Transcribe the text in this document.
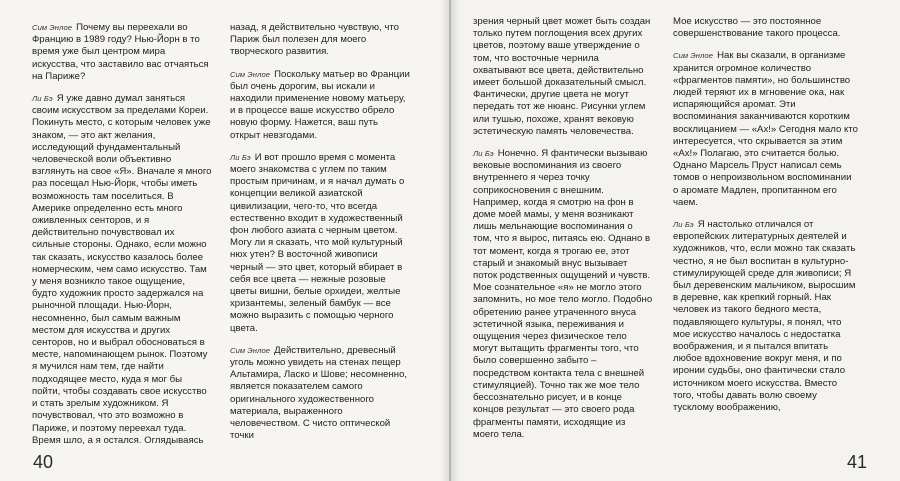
Сим Энлое Почему вы переехали во Францию в 1989 году? Нью-Йорн в то время уже был центром мира искусства, что заставило вас отчаяться на Париже?

Ли Бэ Я уже давно думал заняться своим искусством за пределами Кореи. Покинуть место, с которым человек уже знаком, — это акт желания, исследующий фундаментальный человеческой воли объективно взглянуть на свое «Я». Вначале я много раз посещал Нью-Йорк, чтобы иметь возможность там поселиться. В Америке определенно есть много оживленных сенторов, и я действительно почувствовал их сильные стороны. Однако, если можно так сказать, искусство казалось более номерческим, чем само искусство. Там у меня возникло такое ощущение, будто художник просто задержался на рыночной площади. Нью-Йорн, несомненно, был самым важным местом для искусства и других сенторов, но и выбрал обосноваться в месте, напоминающем рынок. Поэтому я мучился нам тем, где найти подходящее место, куда я мог бы пойти, чтобы создавать свое искусство и стать зрелым художником. Я почувствовал, что это возможно в Париже, и поэтому переехал туда. Время шло, а я остался. Оглядываясь

назад, я действительно чувствую, что Париж был полезен для моего творческого развития.

Сим Энлое Поскольку матьер во Франции был очень дорогим, вы искали и находили применение новому матьеру, и в процессе ваше искусство обрело новую форму. Нажется, ваш путь открыт невзгодами.

Ли Бэ И вот прошло время с момента моего знакомства с углем по таким простым причинам, и я начал думать о концепции великой азиатской цивилизации, чего-то, что всегда естественно входит в художественный фон любого азиата с черным цветом. Могу ли я сказать, что мой культурный нюх утен? В восточной живописи черный — это цвет, который вбирает в себя все цвета — нежные розовые цветы вишни, белые орхидеи, желтые хризантемы, зеленый бамбук — все можно выразить с помощью черного цвета.

Сим Энлое Действительно, древесный уголь можно увидеть на стенах пещер Альтамира, Ласко и Шове; несомненно, является показателем самого оригинального художественного материала, выраженного человечеством. С чисто оптической точки

40

зрения черный цвет может быть создан только путем поглощения всех других цветов, поэтому ваше утверждение о том, что восточные чернила охватывают все цвета, действительно имеет большой доказательный смысл. Фантически, другие цвета не могут передать тот же нюанс. Рисунки углем или тушью, похоже, хранят вековую эстетическую память человечества.

Ли Бэ Нонечно. Я фантически вызываю вековые воспоминания из своего внутреннего я через точку соприкосновения с внешним. Например, когда я смотрю на фон в доме моей мамы, у меня возникают лишь мельнающие воспоминания о том, что я вырос, питаясь ею. Однано в тот момент, когда я трогаю ее, этот старый и знакомый внус вызывает поток родственных ощущений и чувств. Мое сознательное «я» не могло этого запомнить, но мое тело могло. Подобно обретению ранее утраченного внуса эстетичной языка, переживания и ощущения через физическое тело могут вытащить фрагменты того, что было совершенно забыто – посредством контакта тела с внешней стимуляцией). Точно так же мое тело бессознательно рисует, и в конце концов результат — это своего рода фрагменты памяти, исходящие из моего тела.

Мое искусство — это постоянное совершенствование такого процесса.

Сим Энлое Нак вы сказали, в организме хранится огромное количество «фрагментов памяти», но большинство людей теряют их в мгновение ока, нак испаряющийся аромат. Эти воспоминания заканчиваются коротким восклицанием — «Ах!» Сегодня мало кто интересуется, что скрывается за этим «Ах!» Полагаю, это считается болью. Однано Марсель Пруст написал семь томов о непроизвольном воспоминании о аромате Мадлен, пропитанном его чаем.

Ли Бэ Я настолько отличался от европейских литературных деятелей и художников, что, если можно так сказать честно, я не был воспитан в культурно-стимулирующей среде для живописи; Я был деревенским мальчиком, выросшим в деревне, как крепкий горный. Нак человек из такого бедного места, подавляющего культуры, я понял, что мое искусство началось с недостатка воображения, и я пытался впитать любое вдохновение вокруг меня, и по иронии судьбы, оно фантически стало источником моего искусства. Вместо того, чтобы давать волю своему тусклому воображению,

41
